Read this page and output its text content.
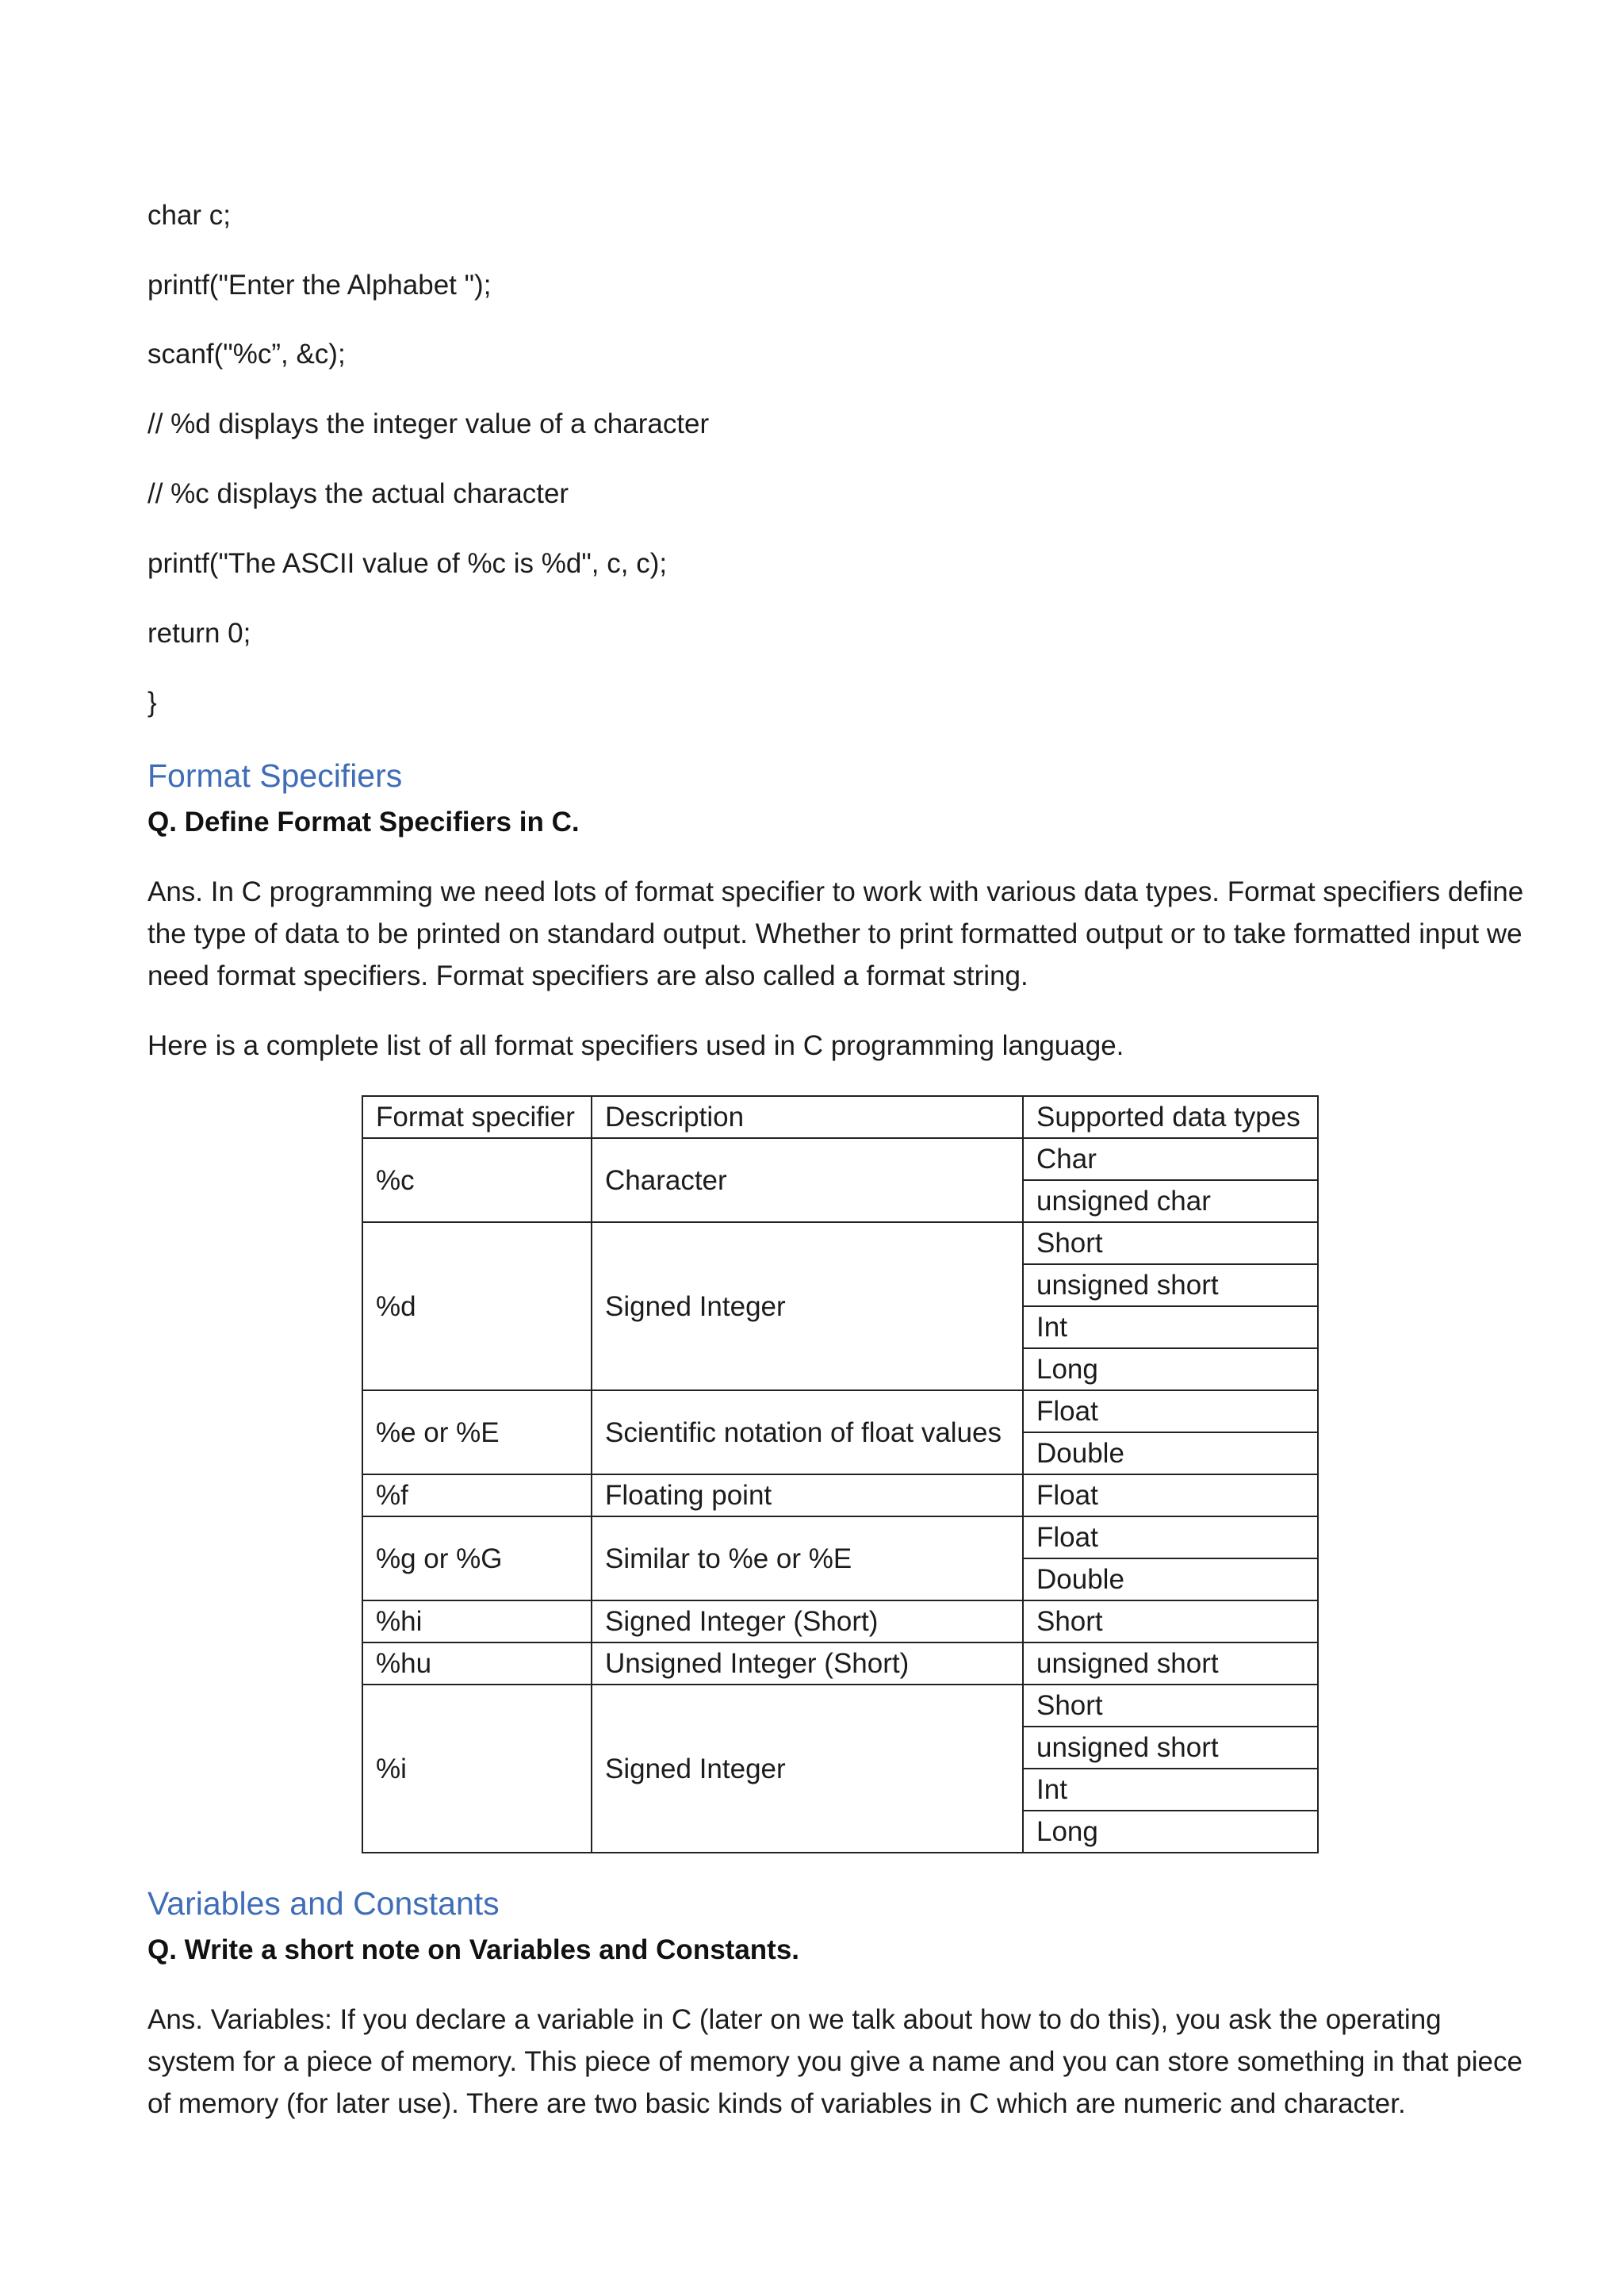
char c;
printf("Enter the Alphabet ");
scanf("%c”, &c);
// %d displays the integer value of a character
// %c displays the actual character
printf("The ASCII value of %c is %d", c, c);
return 0;
}
Format Specifiers
Q. Define Format Specifiers in C.
Ans. In C programming we need lots of format specifier to work with various data types. Format specifiers define the type of data to be printed on standard output. Whether to print formatted output or to take formatted input we need format specifiers. Format specifiers are also called a format string.
Here is a complete list of all format specifiers used in C programming language.
Format specifier	Description	Supported data types
%c	Character	Char
		unsigned char
%d	Signed Integer	Short
		unsigned short
		Int
		Long
%e or %E	Scientific notation of float values	Float
		Double
%f	Floating point	Float
%g or %G	Similar to %e or %E	Float
		Double
%hi	Signed Integer (Short)	Short
%hu	Unsigned Integer (Short)	unsigned short
%i	Signed Integer	Short
		unsigned short
		Int
		Long
Variables and Constants
Q. Write a short note on Variables and Constants.
Ans. Variables: If you declare a variable in C (later on we talk about how to do this), you ask the operating system for a piece of memory. This piece of memory you give a name and you can store something in that piece of memory (for later use). There are two basic kinds of variables in C which are numeric and character.
